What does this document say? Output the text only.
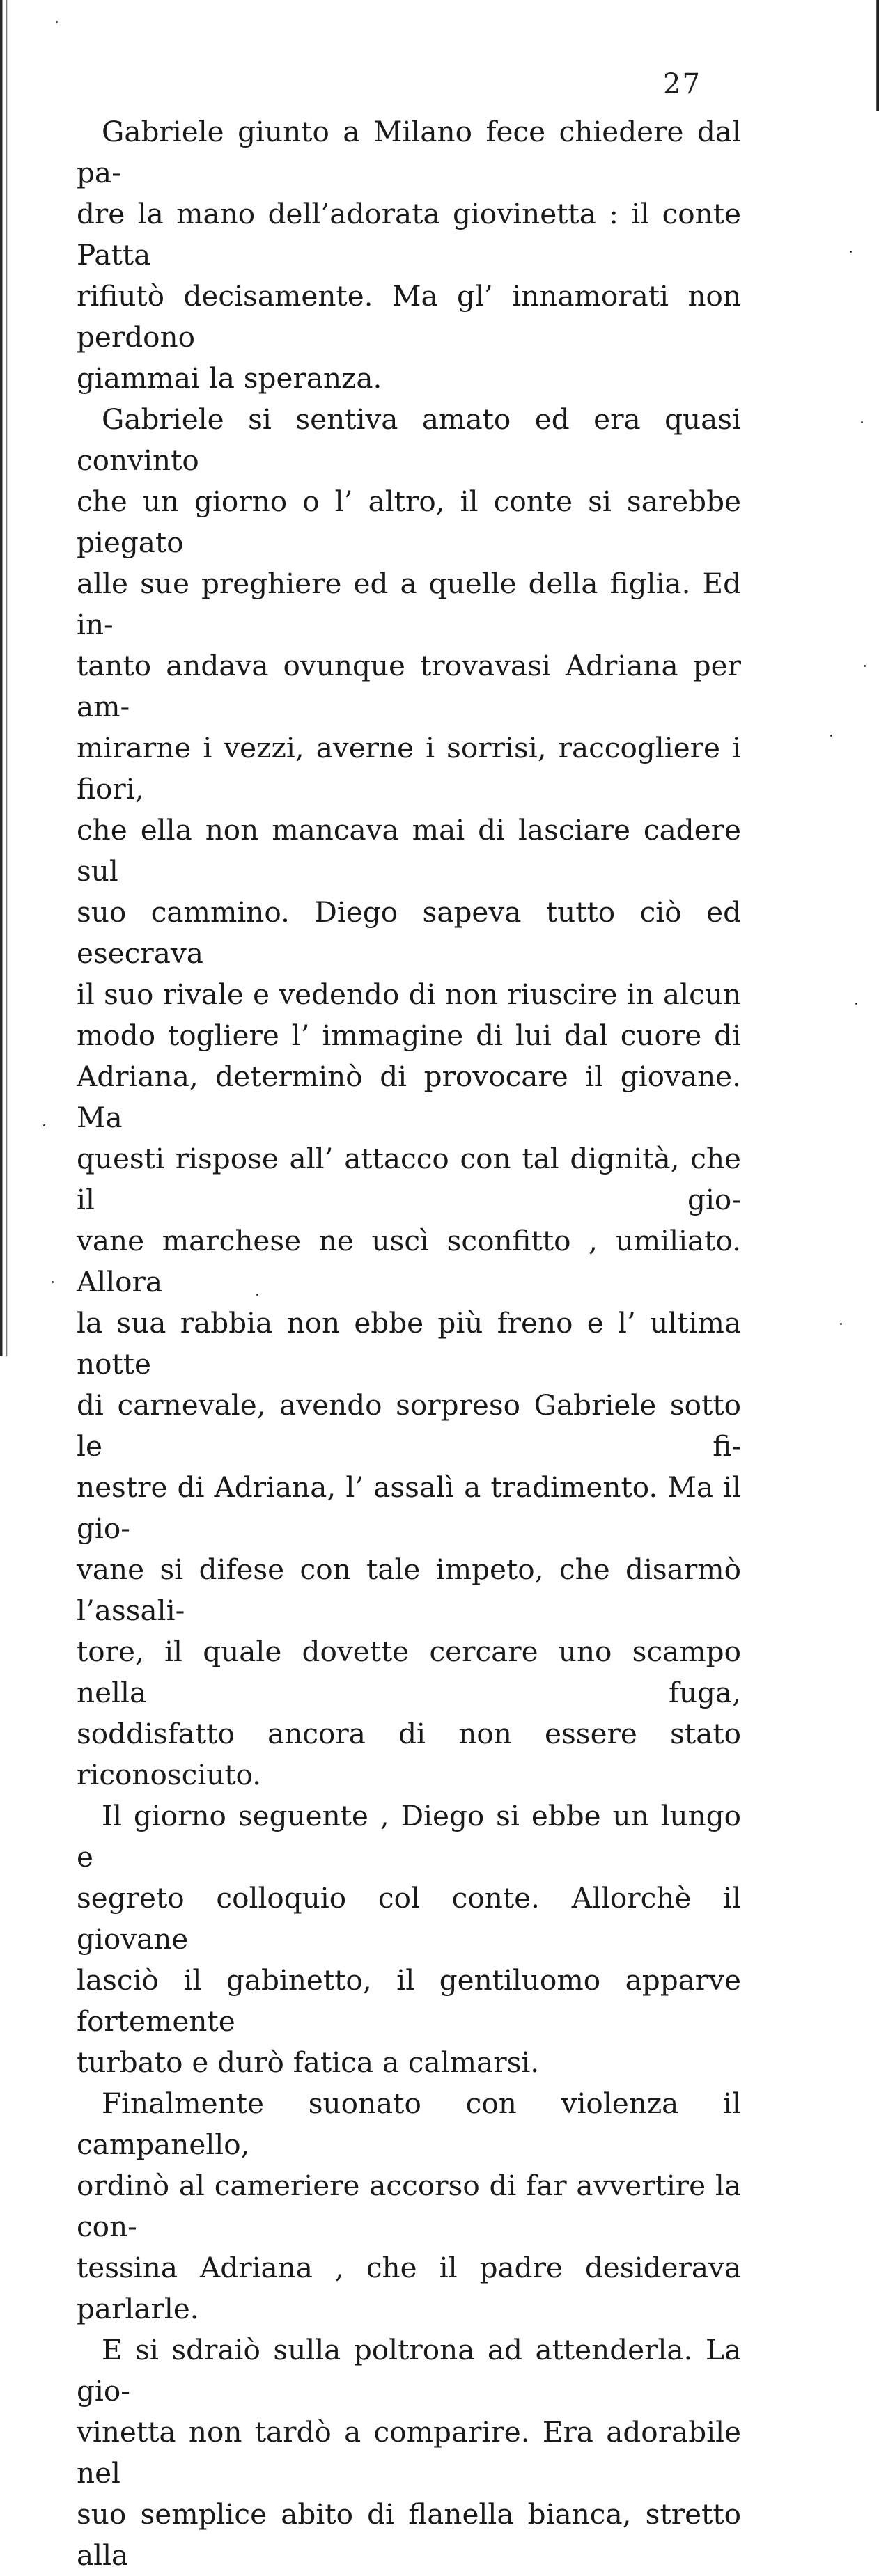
27
Gabriele giunto a Milano fece chiedere dal pa-
dre la mano dell’adorata giovinetta : il conte Patta
rifiutò decisamente. Ma gl’ innamorati non perdono
giammai la speranza.
Gabriele si sentiva amato ed era quasi convinto
che un giorno o l’ altro, il conte si sarebbe piegato
alle sue preghiere ed a quelle della figlia. Ed in-
tanto andava ovunque trovavasi Adriana per am-
mirarne i vezzi, averne i sorrisi, raccogliere i fiori,
che ella non mancava mai di lasciare cadere sul
suo cammino. Diego sapeva tutto ciò ed esecrava
il suo rivale e vedendo di non riuscire in alcun
modo togliere l’ immagine di lui dal cuore di
Adriana, determinò di provocare il giovane. Ma
questi rispose all’ attacco con tal dignità, che il gio-
vane marchese ne uscì sconfitto , umiliato. Allora
la sua rabbia non ebbe più freno e l’ ultima notte
di carnevale, avendo sorpreso Gabriele sotto le fi-
nestre di Adriana, l’ assalì a tradimento. Ma il gio-
vane si difese con tale impeto, che disarmò l’assali-
tore, il quale dovette cercare uno scampo nella fuga,
soddisfatto ancora di non essere stato riconosciuto.
Il giorno seguente , Diego si ebbe un lungo e
segreto colloquio col conte. Allorchè il giovane
lasciò il gabinetto, il gentiluomo apparve fortemente
turbato e durò fatica a calmarsi.
Finalmente suonato con violenza il campanello,
ordinò al cameriere accorso di far avvertire la con-
tessina Adriana , che il padre desiderava parlarle.
E si sdraiò sulla poltrona ad attenderla. La gio-
vinetta non tardò a comparire. Era adorabile nel
suo semplice abito di flanella bianca, stretto alla
